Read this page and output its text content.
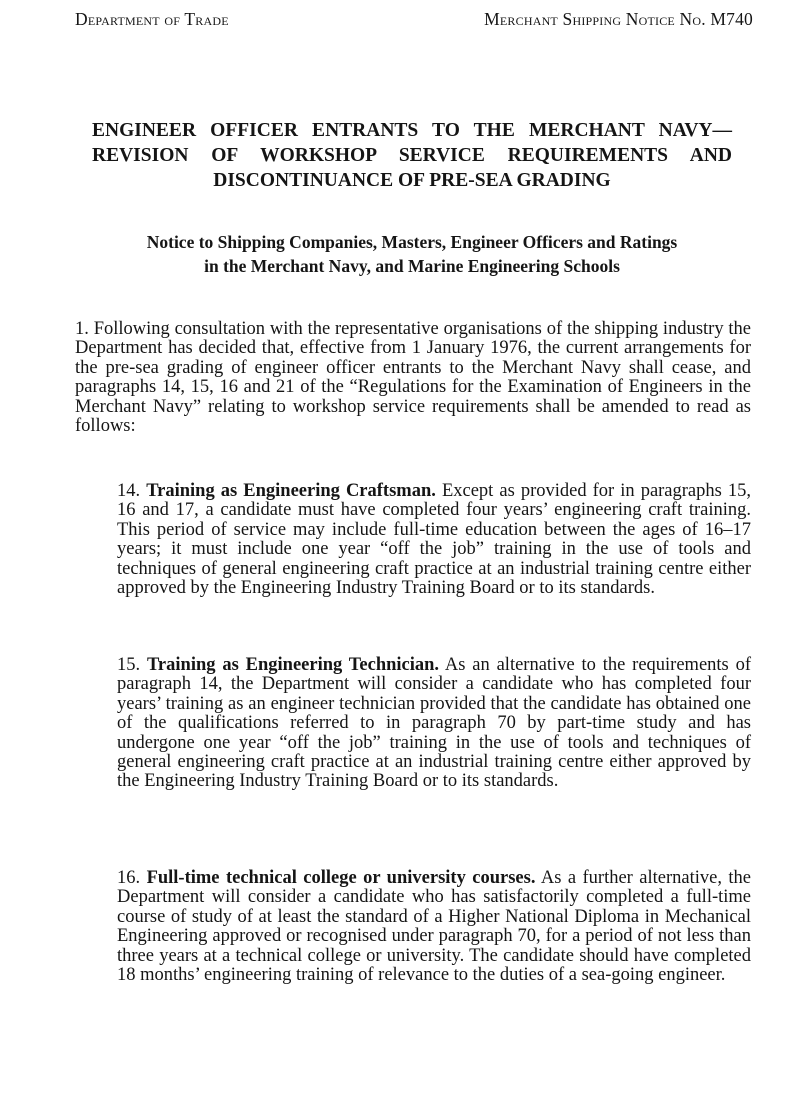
Department of Trade	Merchant Shipping Notice No. M740
ENGINEER OFFICER ENTRANTS TO THE MERCHANT NAVY—REVISION OF WORKSHOP SERVICE REQUIREMENTS AND DISCONTINUANCE OF PRE-SEA GRADING
Notice to Shipping Companies, Masters, Engineer Officers and Ratings
in the Merchant Navy, and Marine Engineering Schools

1. Following consultation with the representative organisations of the shipping industry the Department has decided that, effective from 1 January 1976, the current arrangements for the pre-sea grading of engineer officer entrants to the Merchant Navy shall cease, and paragraphs 14, 15, 16 and 21 of the “Regulations for the Examination of Engineers in the Merchant Navy” relating to workshop service requirements shall be amended to read as follows:

14. Training as Engineering Craftsman. Except as provided for in paragraphs 15, 16 and 17, a candidate must have completed four years’ engineering craft training. This period of service may include full-time education between the ages of 16–17 years; it must include one year “off the job” training in the use of tools and techniques of general engineering craft practice at an industrial training centre either approved by the Engineering Industry Training Board or to its standards.

15. Training as Engineering Technician. As an alternative to the requirements of paragraph 14, the Department will consider a candidate who has completed four years’ training as an engineer technician provided that the candidate has obtained one of the qualifications referred to in paragraph 70 by part-time study and has undergone one year “off the job” training in the use of tools and techniques of general engineering craft practice at an industrial training centre either approved by the Engineering Industry Training Board or to its standards.

16. Full-time technical college or university courses. As a further alternative, the Department will consider a candidate who has satisfactorily completed a full-time course of study of at least the standard of a Higher National Diploma in Mechanical Engineering approved or recognised under paragraph 70, for a period of not less than three years at a technical college or university. The candidate should have completed 18 months’ engineering training of relevance to the duties of a sea-going engineer.
